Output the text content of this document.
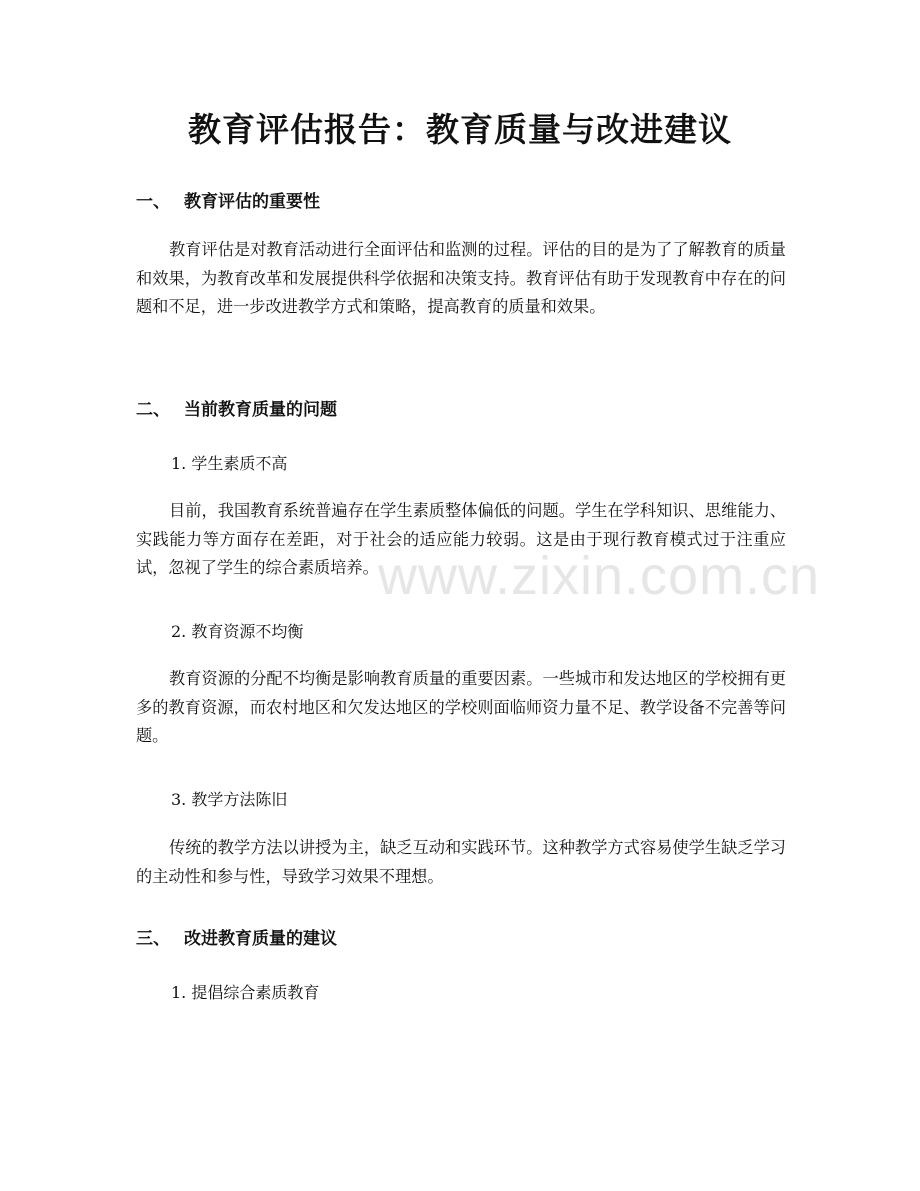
教育评估报告：教育质量与改进建议
一、 教育评估的重要性
教育评估是对教育活动进行全面评估和监测的过程。评估的目的是为了了解教育的质量和效果，为教育改革和发展提供科学依据和决策支持。教育评估有助于发现教育中存在的问题和不足，进一步改进教学方式和策略，提高教育的质量和效果。
二、 当前教育质量的问题
1. 学生素质不高
目前，我国教育系统普遍存在学生素质整体偏低的问题。学生在学科知识、思维能力、实践能力等方面存在差距，对于社会的适应能力较弱。这是由于现行教育模式过于注重应试，忽视了学生的综合素质培养。
2. 教育资源不均衡
教育资源的分配不均衡是影响教育质量的重要因素。一些城市和发达地区的学校拥有更多的教育资源，而农村地区和欠发达地区的学校则面临师资力量不足、教学设备不完善等问题。
3. 教学方法陈旧
传统的教学方法以讲授为主，缺乏互动和实践环节。这种教学方式容易使学生缺乏学习的主动性和参与性，导致学习效果不理想。
三、 改进教育质量的建议
1. 提倡综合素质教育
www.zixin.com.cn
